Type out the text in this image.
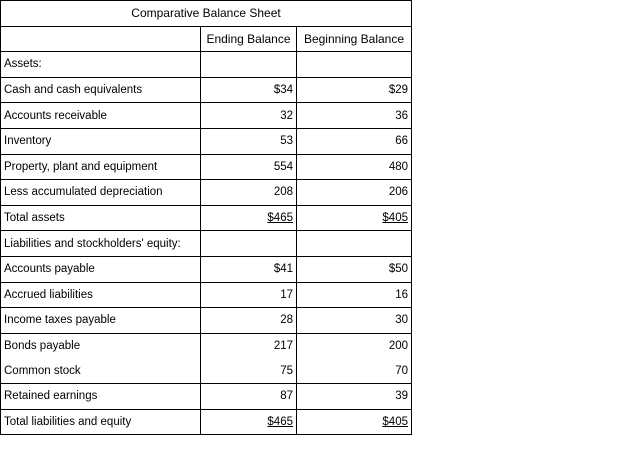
Comparative Balance Sheet		
	Ending Balance	Beginning Balance
Assets:		
Cash and cash equivalents	$34	$29
Accounts receivable	32	36
Inventory	53	66
Property, plant and equipment	554	480
Less accumulated depreciation	208	206
Total assets	$465	$405
Liabilities and stockholders' equity:		
Accounts payable	$41	$50
Accrued liabilities	17	16
Income taxes payable	28	30
Bonds payable	217	200
Common stock	75	70
Retained earnings	87	39
Total liabilities and equity	$465	$405
